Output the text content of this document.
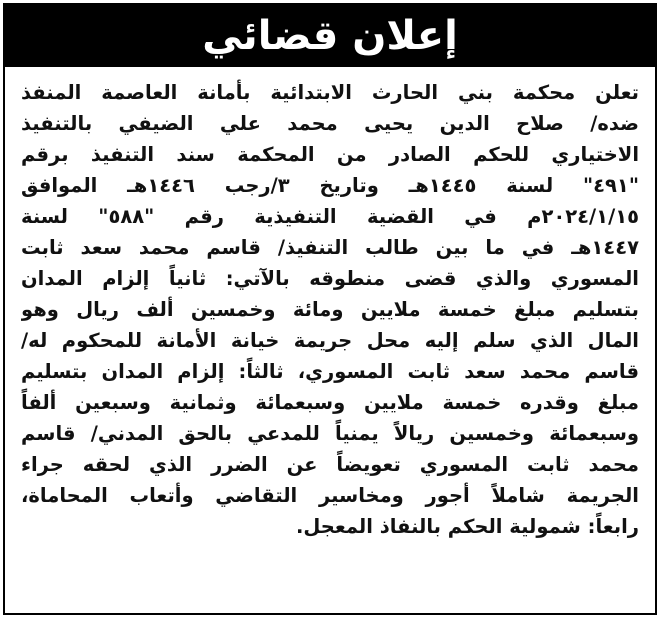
إعلان قضائي
تعلن محكمة بني الحارث الابتدائية بأمانة العاصمة المنفذ
ضده/ صلاح الدين يحيى محمد علي الضيفي بالتنفيذ
الاختياري للحكم الصادر من المحكمة سند التنفيذ برقم
"٤٩١" لسنة ١٤٤٥هـ وتاريخ ٣/رجب ١٤٤٦هـ الموافق
٢٠٢٤/١/١٥م في القضية التنفيذية رقم "٥٨٨" لسنة
١٤٤٧هـ في ما بين طالب التنفيذ/ قاسم محمد سعد ثابت
المسوري والذي قضى منطوقه بالآتي: ثانياً إلزام المدان
بتسليم مبلغ خمسة ملايين ومائة وخمسين ألف ريال وهو
المال الذي سلم إليه محل جريمة خيانة الأمانة للمحكوم له/
قاسم محمد سعد ثابت المسوري، ثالثاً: إلزام المدان بتسليم
مبلغ وقدره خمسة ملايين وسبعمائة وثمانية وسبعين ألفاً
وسبعمائة وخمسين ريالاً يمنياً للمدعي بالحق المدني/ قاسم
محمد ثابت المسوري تعويضاً عن الضرر الذي لحقه جراء
الجريمة شاملاً أجور ومخاسير التقاضي وأتعاب المحاماة،
رابعاً: شمولية الحكم بالنفاذ المعجل.
